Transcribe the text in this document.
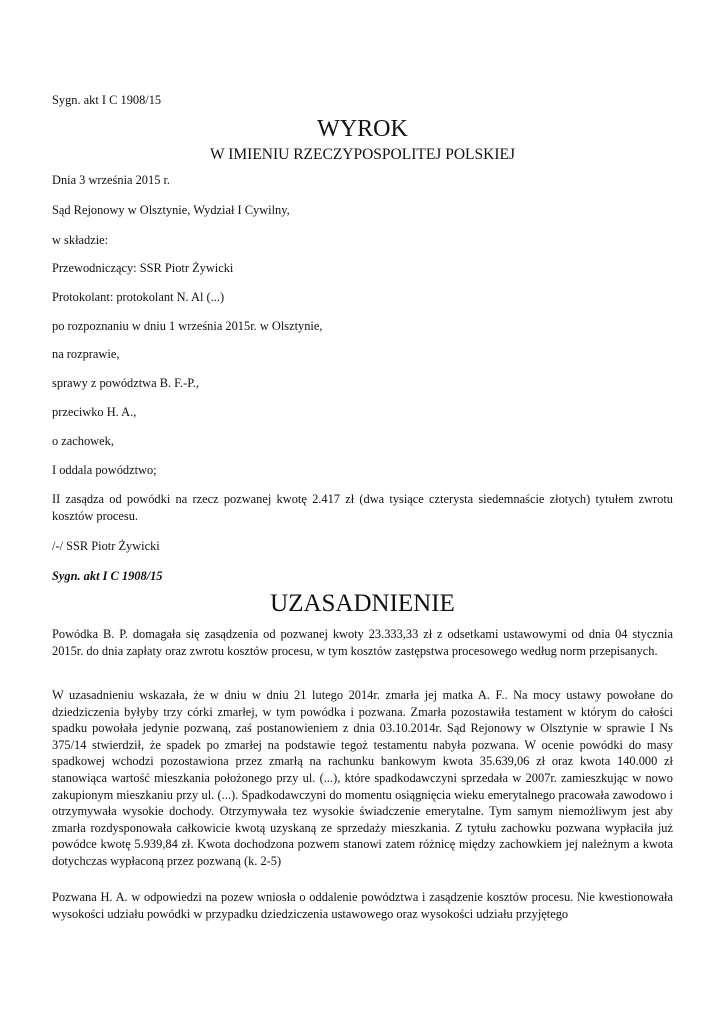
Sygn. akt I C 1908/15

WYROK
W IMIENIU RZECZYPOSPOLITEJ POLSKIEJ

Dnia 3 września 2015 r.

Sąd Rejonowy w Olsztynie, Wydział I Cywilny,

w składzie:

Przewodniczący: SSR Piotr Żywicki

Protokolant: protokolant N. Al (...)

po rozpoznaniu w dniu 1 września 2015r. w Olsztynie,

na rozprawie,

sprawy z powództwa B. F.-P.,

przeciwko H. A.,

o zachowek,

I oddala powództwo;

II zasądza od powódki na rzecz pozwanej kwotę 2.417 zł (dwa tysiące czterysta siedemnaście złotych) tytułem zwrotu kosztów procesu.

/-/ SSR Piotr Żywicki

Sygn. akt I C 1908/15

UZASADNIENIE

Powódka B. P. domagała się zasądzenia od pozwanej kwoty 23.333,33 zł z odsetkami ustawowymi od dnia 04 stycznia 2015r. do dnia zapłaty oraz zwrotu kosztów procesu, w tym kosztów zastępstwa procesowego według norm przepisanych.

W uzasadnieniu wskazała, że w dniu w dniu 21 lutego 2014r. zmarła jej matka A. F.. Na mocy ustawy powołane do dziedziczenia byłyby trzy córki zmarłej, w tym powódka i pozwana. Zmarła pozostawiła testament w którym do całości spadku powołała jedynie pozwaną, zaś postanowieniem z dnia 03.10.2014r. Sąd Rejonowy w Olsztynie w sprawie I Ns 375/14 stwierdził, że spadek po zmarłej na podstawie tegoż testamentu nabyła pozwana. W ocenie powódki do masy spadkowej wchodzi pozostawiona przez zmarłą na rachunku bankowym kwota 35.639,06 zł oraz kwota 140.000 zł stanowiąca wartość mieszkania położonego przy ul. (...), które spadkodawczyni sprzedała w 2007r. zamieszkując w nowo zakupionym mieszkaniu przy ul. (...). Spadkodawczyni do momentu osiągnięcia wieku emerytalnego pracowała zawodowo i otrzymywała wysokie dochody. Otrzymywała tez wysokie świadczenie emerytalne. Tym samym niemożliwym jest aby zmarła rozdysponowała całkowicie kwotą uzyskaną ze sprzedaży mieszkania. Z tytułu zachowku pozwana wypłaciła już powódce kwotę 5.939,84 zł. Kwota dochodzona pozwem stanowi zatem różnicę między zachowkiem jej należnym a kwota dotychczas wypłaconą przez pozwaną (k. 2-5)

Pozwana H. A. w odpowiedzi na pozew wniosła o oddalenie powództwa i zasądzenie kosztów procesu. Nie kwestionowała wysokości udziału powódki w przypadku dziedziczenia ustawowego oraz wysokości udziału przyjętego
